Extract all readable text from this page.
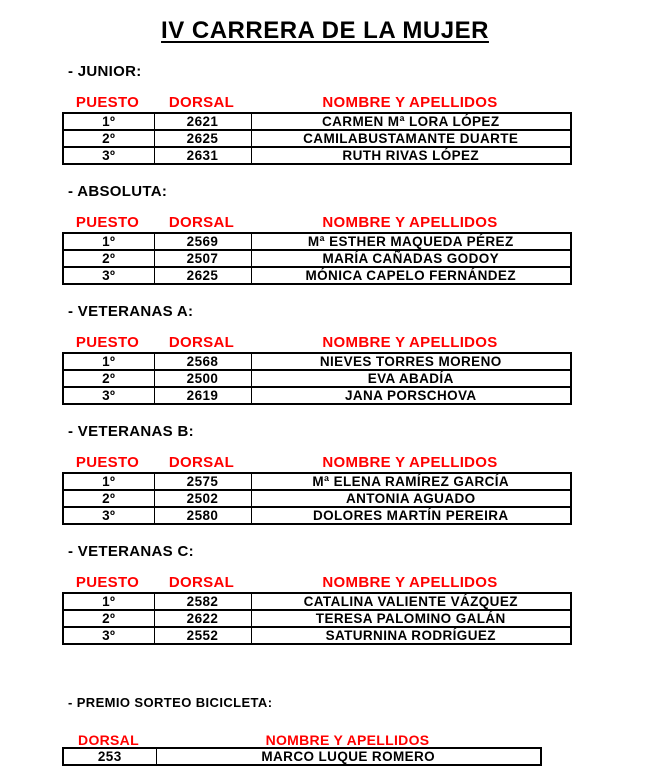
IV CARRERA DE LA MUJER
- JUNIOR:
PUESTO	DORSAL	NOMBRE Y APELLIDOS
1º	2621	CARMEN Mª LORA LÓPEZ
2º	2625	CAMILABUSTAMANTE DUARTE
3º	2631	RUTH RIVAS LÓPEZ
- ABSOLUTA:
PUESTO	DORSAL	NOMBRE Y APELLIDOS
1º	2569	Mª ESTHER MAQUEDA PÉREZ
2º	2507	MARÍA CAÑADAS GODOY
3º	2625	MÓNICA CAPELO FERNÁNDEZ
- VETERANAS A:
PUESTO	DORSAL	NOMBRE Y APELLIDOS
1º	2568	NIEVES TORRES MORENO
2º	2500	EVA ABADÍA
3º	2619	JANA PORSCHOVA
- VETERANAS B:
PUESTO	DORSAL	NOMBRE Y APELLIDOS
1º	2575	Mª ELENA RAMÍREZ GARCÍA
2º	2502	ANTONIA AGUADO
3º	2580	DOLORES MARTÍN PEREIRA
- VETERANAS C:
PUESTO	DORSAL	NOMBRE Y APELLIDOS
1º	2582	CATALINA VALIENTE VÁZQUEZ
2º	2622	TERESA PALOMINO GALÁN
3º	2552	SATURNINA RODRÍGUEZ
- PREMIO SORTEO BICICLETA:
DORSAL	NOMBRE Y APELLIDOS
253	MARCO LUQUE ROMERO
